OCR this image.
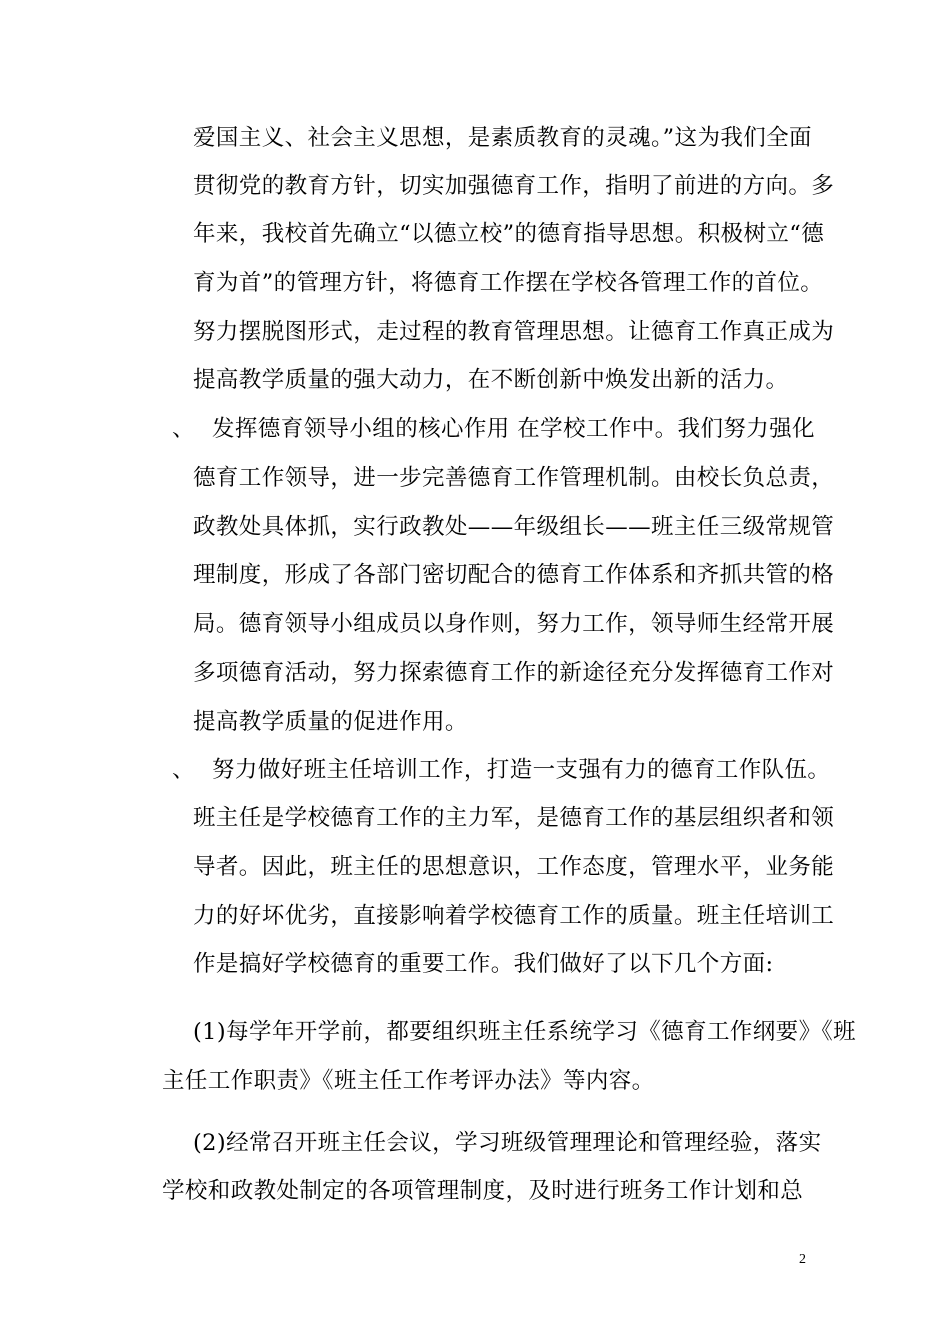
爱国主义、社会主义思想，是素质教育的灵魂。”这为我们全面
贯彻党的教育方针，切实加强德育工作，指明了前进的方向。多
年来，我校首先确立“以德立校”的德育指导思想。积极树立“德
育为首”的管理方针，将德育工作摆在学校各管理工作的首位。
努力摆脱图形式，走过程的教育管理思想。让德育工作真正成为
提高教学质量的强大动力，在不断创新中焕发出新的活力。
、 发挥德育领导小组的核心作用 在学校工作中。我们努力强化
德育工作领导，进一步完善德育工作管理机制。由校长负总责，
政教处具体抓，实行政教处——年级组长——班主任三级常规管
理制度，形成了各部门密切配合的德育工作体系和齐抓共管的格
局。德育领导小组成员以身作则，努力工作，领导师生经常开展
多项德育活动，努力探索德育工作的新途径充分发挥德育工作对
提高教学质量的促进作用。
、 努力做好班主任培训工作，打造一支强有力的德育工作队伍。
班主任是学校德育工作的主力军，是德育工作的基层组织者和领
导者。因此，班主任的思想意识，工作态度，管理水平，业务能
力的好坏优劣，直接影响着学校德育工作的质量。班主任培训工
作是搞好学校德育的重要工作。我们做好了以下几个方面:
(1)每学年开学前，都要组织班主任系统学习《德育工作纲要》《班
主任工作职责》《班主任工作考评办法》等内容。
(2)经常召开班主任会议，学习班级管理理论和管理经验，落实
学校和政教处制定的各项管理制度，及时进行班务工作计划和总
2
